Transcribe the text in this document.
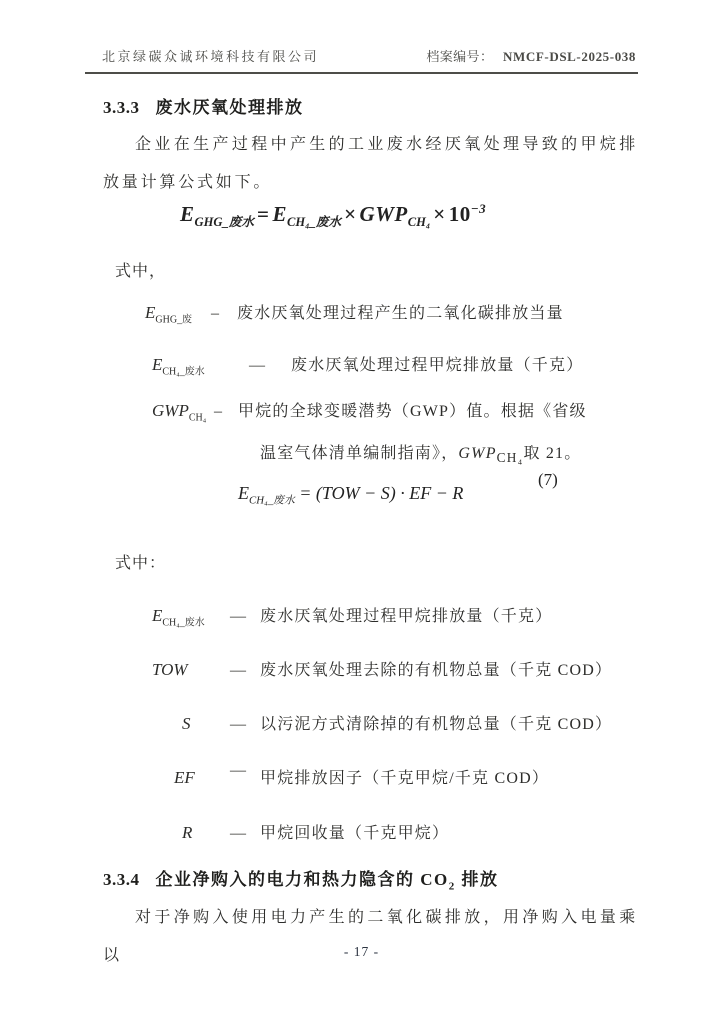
北京绿碳众诚环境科技有限公司	档案编号： NMCF-DSL-2025-038
3.3.3 废水厌氧处理排放

企业在生产过程中产生的工业废水经厌氧处理导致的甲烷排放量计算公式如下。

$E_{GHG\_废水} = E_{CH_4\_废水} \times GWP_{CH_4} \times 10^{-3}$

式中，

$E_{GHG\_废}$	–	废水厌氧处理过程产生的二氧化碳排放当量
$E_{CH_4\_废水}$	—	废水厌氧处理过程甲烷排放量（千克）
$GWP_{CH_4}$ –	甲烷的全球变暖潜势（GWP）值。根据《省级
温室气体清单编制指南》，$GWP_{CH_4}$取 21。
$E_{CH_4\_废水} = (TOW - S)$ · EF − R
(7)

式中：

$E_{CH_4\_废水}$	— 废水厌氧处理过程甲烷排放量（千克）
TOW	— 废水厌氧处理去除的有机物总量（千克 COD）
S	— 以污泥方式清除掉的有机物总量（千克 COD）
EF	— 甲烷排放因子（千克甲烷/千克 COD）
R	— 甲烷回收量（千克甲烷）
3.3.4 企业净购入的电力和热力隐含的 $CO_2$ 排放

对于净购入使用电力产生的二氧化碳排放，用净购入电量乘以	- 17 -
